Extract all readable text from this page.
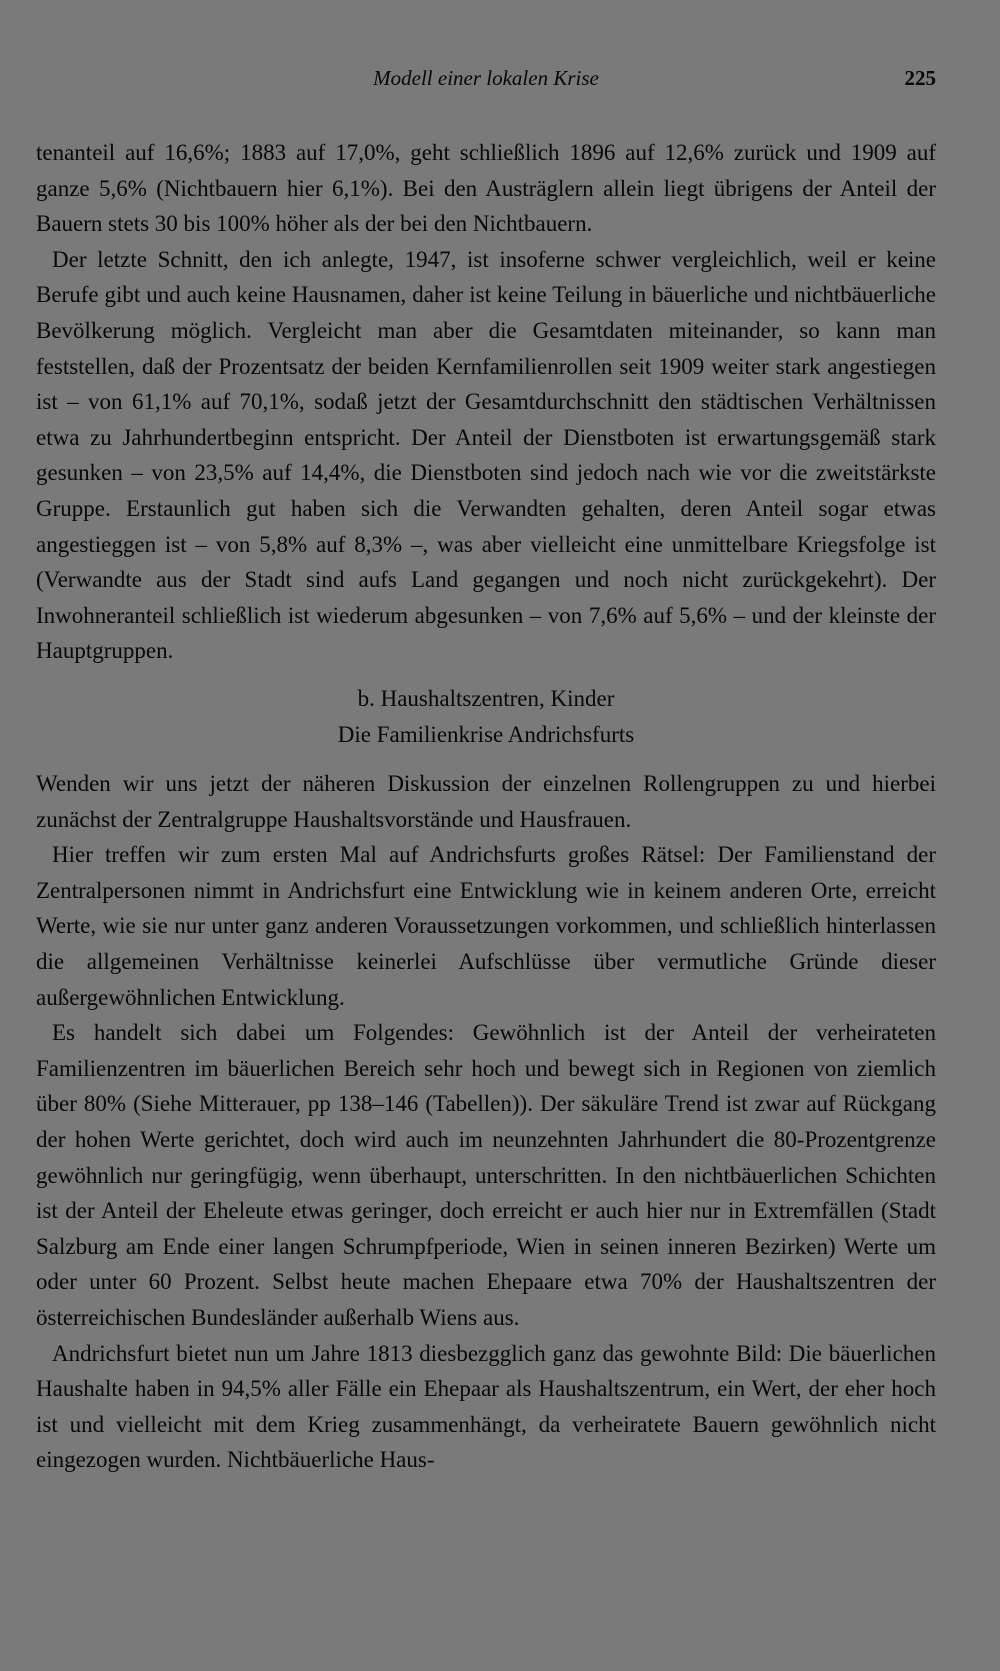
Modell einer lokalen Krise	225

tenanteil auf 16,6%; 1883 auf 17,0%, geht schließlich 1896 auf 12,6% zurück und 1909 auf ganze 5,6% (Nichtbauern hier 6,1%). Bei den Austräglern allein liegt übrigens der Anteil der Bauern stets 30 bis 100% höher als der bei den Nichtbauern.

Der letzte Schnitt, den ich anlegte, 1947, ist insoferne schwer vergleichlich, weil er keine Berufe gibt und auch keine Hausnamen, daher ist keine Teilung in bäuerliche und nichtbäuerliche Bevölkerung möglich. Vergleicht man aber die Gesamtdaten miteinander, so kann man feststellen, daß der Prozentsatz der beiden Kernfamilienrollen seit 1909 weiter stark angestiegen ist – von 61,1% auf 70,1%, sodaß jetzt der Gesamtdurchschnitt den städtischen Verhältnissen etwa zu Jahrhundertbeginn entspricht. Der Anteil der Dienstboten ist erwartungsgemäß stark gesunken – von 23,5% auf 14,4%, die Dienstboten sind jedoch nach wie vor die zweitstärkste Gruppe. Erstaunlich gut haben sich die Verwandten gehalten, deren Anteil sogar etwas angestieggen ist – von 5,8% auf 8,3% –, was aber vielleicht eine unmittelbare Kriegsfolge ist (Verwandte aus der Stadt sind aufs Land gegangen und noch nicht zurückgekehrt). Der Inwohneranteil schließlich ist wiederum abgesunken – von 7,6% auf 5,6% – und der kleinste der Hauptgruppen.

b. Haushaltszentren, Kinder

Die Familienkrise Andrichsfurts

Wenden wir uns jetzt der näheren Diskussion der einzelnen Rollengruppen zu und hierbei zunächst der Zentralgruppe Haushaltsvorstände und Hausfrauen.

Hier treffen wir zum ersten Mal auf Andrichsfurts großes Rätsel: Der Familienstand der Zentralpersonen nimmt in Andrichsfurt eine Entwicklung wie in keinem anderen Orte, erreicht Werte, wie sie nur unter ganz anderen Voraussetzungen vorkommen, und schließlich hinterlassen die allgemeinen Verhältnisse keinerlei Aufschlüsse über vermutliche Gründe dieser außergewöhnlichen Entwicklung.

Es handelt sich dabei um Folgendes: Gewöhnlich ist der Anteil der verheirateten Familienzentren im bäuerlichen Bereich sehr hoch und bewegt sich in Regionen von ziemlich über 80% (Siehe Mitterauer, pp 138–146 (Tabellen)). Der säkuläre Trend ist zwar auf Rückgang der hohen Werte gerichtet, doch wird auch im neunzehnten Jahrhundert die 80-Prozentgrenze gewöhnlich nur geringfügig, wenn überhaupt, unterschritten. In den nichtbäuerlichen Schichten ist der Anteil der Eheleute etwas geringer, doch erreicht er auch hier nur in Extremfällen (Stadt Salzburg am Ende einer langen Schrumpfperiode, Wien in seinen inneren Bezirken) Werte um oder unter 60 Prozent. Selbst heute machen Ehepaare etwa 70% der Haushaltszentren der österreichischen Bundesländer außerhalb Wiens aus.

Andrichsfurt bietet nun um Jahre 1813 diesbezgglich ganz das gewohnte Bild: Die bäuerlichen Haushalte haben in 94,5% aller Fälle ein Ehepaar als Haushaltszentrum, ein Wert, der eher hoch ist und vielleicht mit dem Krieg zusammenhängt, da verheiratete Bauern gewöhnlich nicht eingezogen wurden. Nichtbäuerliche Haus-
